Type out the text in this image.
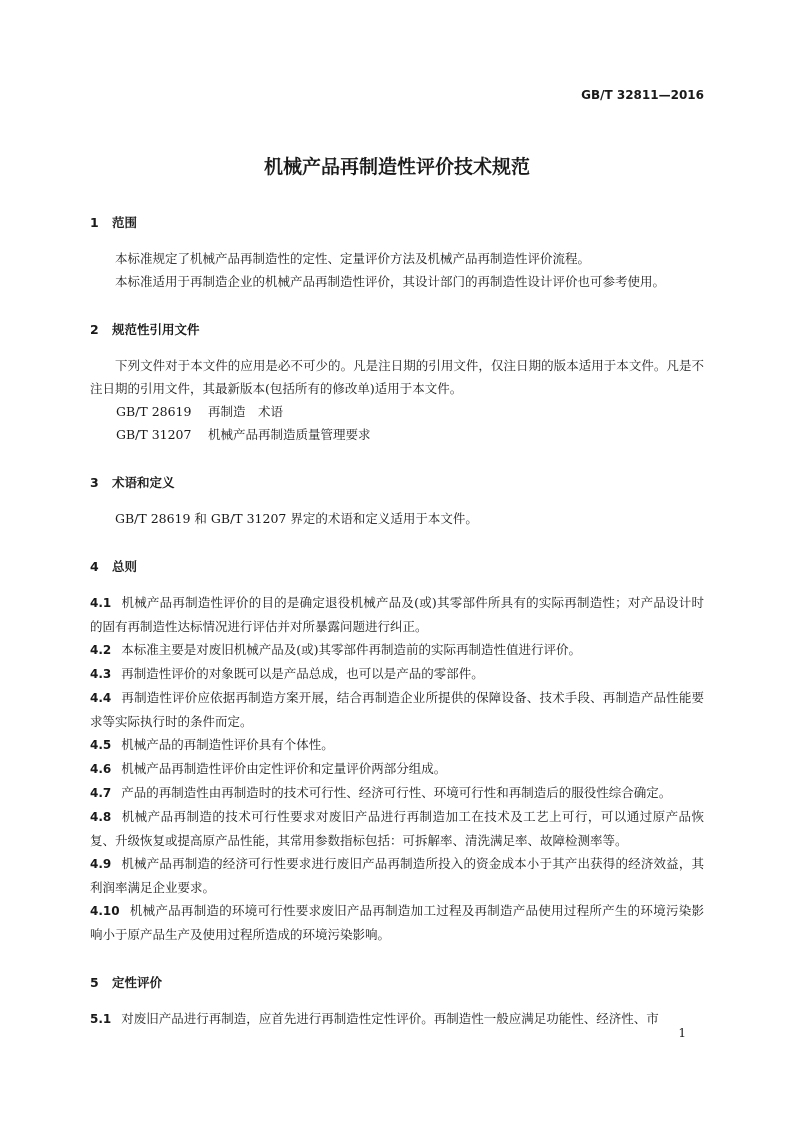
GB/T 32811—2016
机械产品再制造性评价技术规范

1 范围

本标准规定了机械产品再制造性的定性、定量评价方法及机械产品再制造性评价流程。

本标准适用于再制造企业的机械产品再制造性评价，其设计部门的再制造性设计评价也可参考使用。

2 规范性引用文件

下列文件对于本文件的应用是必不可少的。凡是注日期的引用文件，仅注日期的版本适用于本文件。凡是不注日期的引用文件，其最新版本(包括所有的修改单)适用于本文件。

GB/T 28619 再制造　术语

GB/T 31207 机械产品再制造质量管理要求

3 术语和定义

GB/T 28619 和 GB/T 31207 界定的术语和定义适用于本文件。

4 总则

4.1 机械产品再制造性评价的目的是确定退役机械产品及(或)其零部件所具有的实际再制造性；对产品设计时的固有再制造性达标情况进行评估并对所暴露问题进行纠正。

4.2 本标准主要是对废旧机械产品及(或)其零部件再制造前的实际再制造性值进行评价。

4.3 再制造性评价的对象既可以是产品总成，也可以是产品的零部件。

4.4 再制造性评价应依据再制造方案开展，结合再制造企业所提供的保障设备、技术手段、再制造产品性能要求等实际执行时的条件而定。

4.5 机械产品的再制造性评价具有个体性。

4.6 机械产品再制造性评价由定性评价和定量评价两部分组成。

4.7 产品的再制造性由再制造时的技术可行性、经济可行性、环境可行性和再制造后的服役性综合确定。

4.8 机械产品再制造的技术可行性要求对废旧产品进行再制造加工在技术及工艺上可行，可以通过原产品恢复、升级恢复或提高原产品性能，其常用参数指标包括：可拆解率、清洗满足率、故障检测率等。

4.9 机械产品再制造的经济可行性要求进行废旧产品再制造所投入的资金成本小于其产出获得的经济效益，其利润率满足企业要求。

4.10 机械产品再制造的环境可行性要求废旧产品再制造加工过程及再制造产品使用过程所产生的环境污染影响小于原产品生产及使用过程所造成的环境污染影响。

5 定性评价

5.1 对废旧产品进行再制造，应首先进行再制造性定性评价。再制造性一般应满足功能性、经济性、市

1
